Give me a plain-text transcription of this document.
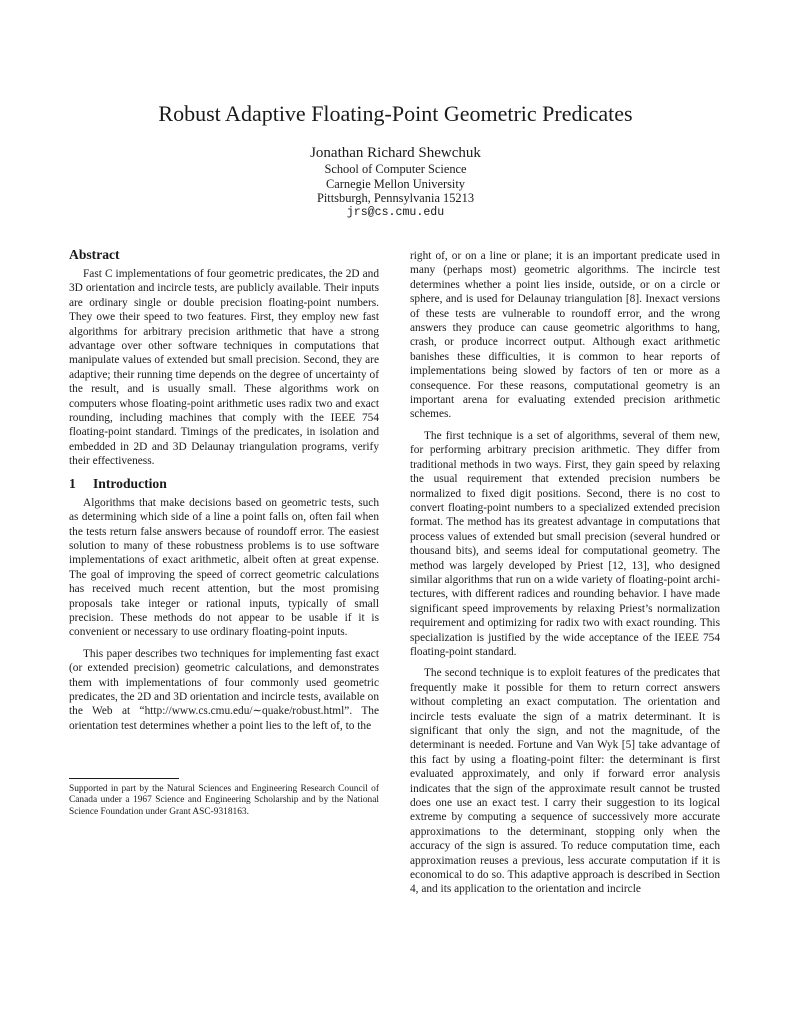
Robust Adaptive Floating-Point Geometric Predicates
Jonathan Richard Shewchuk
School of Computer Science
Carnegie Mellon University
Pittsburgh, Pennsylvania 15213
jrs@cs.cmu.edu
Abstract

Fast C implementations of four geometric predicates, the 2D and 3D orientation and incircle tests, are publicly available. Their inputs are ordinary single or double precision floating-point numbers. They owe their speed to two features. First, they employ new fast algorithms for arbitrary precision arithmetic that have a strong advantage over other software techniques in computations that manipulate values of extended but small precision. Second, they are adaptive; their running time depends on the degree of uncertainty of the result, and is usually small. These algorithms work on computers whose floating-point arithmetic uses radix two and exact rounding, including machines that comply with the IEEE 754 floating-point standard. Timings of the predicates, in isolation and embedded in 2D and 3D Delaunay triangulation programs, verify their effectiveness.

1 Introduction

Algorithms that make decisions based on geometric tests, such as determining which side of a line a point falls on, often fail when the tests return false answers because of roundoff error. The easiest solution to many of these robustness problems is to use software implementations of exact arithmetic, albeit often at great expense. The goal of improving the speed of correct geometric calculations has received much recent attention, but the most promising proposals take integer or rational inputs, typically of small precision. These methods do not appear to be usable if it is convenient or necessary to use ordinary floating-point inputs.

This paper describes two techniques for implementing fast exact (or extended precision) geometric calculations, and demonstrates them with implementations of four commonly used geometric predicates, the 2D and 3D orientation and incircle tests, available on the Web at “http://www.cs.cmu.edu/∼quake/robust.html”. The orientation test determines whether a point lies to the left of, to the

Supported in part by the Natural Sciences and Engineering Research Council of Canada under a 1967 Science and Engineering Scholarship and by the National Science Foundation under Grant ASC-9318163.

right of, or on a line or plane; it is an important predicate used in many (perhaps most) geometric algorithms. The incircle test determines whether a point lies inside, outside, or on a circle or sphere, and is used for Delaunay triangulation [8]. Inexact versions of these tests are vulnerable to roundoff error, and the wrong answers they produce can cause geometric algorithms to hang, crash, or produce incorrect output. Although exact arithmetic banishes these difficulties, it is common to hear reports of implementations being slowed by factors of ten or more as a consequence. For these reasons, computational geometry is an important arena for evaluating extended precision arithmetic schemes.

The first technique is a set of algorithms, several of them new, for performing arbitrary precision arithmetic. They differ from traditional methods in two ways. First, they gain speed by relaxing the usual requirement that extended precision numbers be normalized to fixed digit positions. Second, there is no cost to convert floating-point numbers to a specialized extended precision format. The method has its greatest advantage in computations that process values of extended but small precision (several hundred or thousand bits), and seems ideal for computational geometry. The method was largely developed by Priest [12, 13], who designed similar algorithms that run on a wide variety of floating-point architectures, with different radices and rounding behavior. I have made significant speed improvements by relaxing Priest’s normalization requirement and optimizing for radix two with exact rounding. This specialization is justified by the wide acceptance of the IEEE 754 floating-point standard.

The second technique is to exploit features of the predicates that frequently make it possible for them to return correct answers without completing an exact computation. The orientation and incircle tests evaluate the sign of a matrix determinant. It is significant that only the sign, and not the magnitude, of the determinant is needed. Fortune and Van Wyk [5] take advantage of this fact by using a floating-point filter: the determinant is first evaluated approximately, and only if forward error analysis indicates that the sign of the approximate result cannot be trusted does one use an exact test. I carry their suggestion to its logical extreme by computing a sequence of successively more accurate approximations to the determinant, stopping only when the accuracy of the sign is assured. To reduce computation time, each approximation reuses a previous, less accurate computation if it is economical to do so. This adaptive approach is described in Section 4, and its application to the orientation and incircle
